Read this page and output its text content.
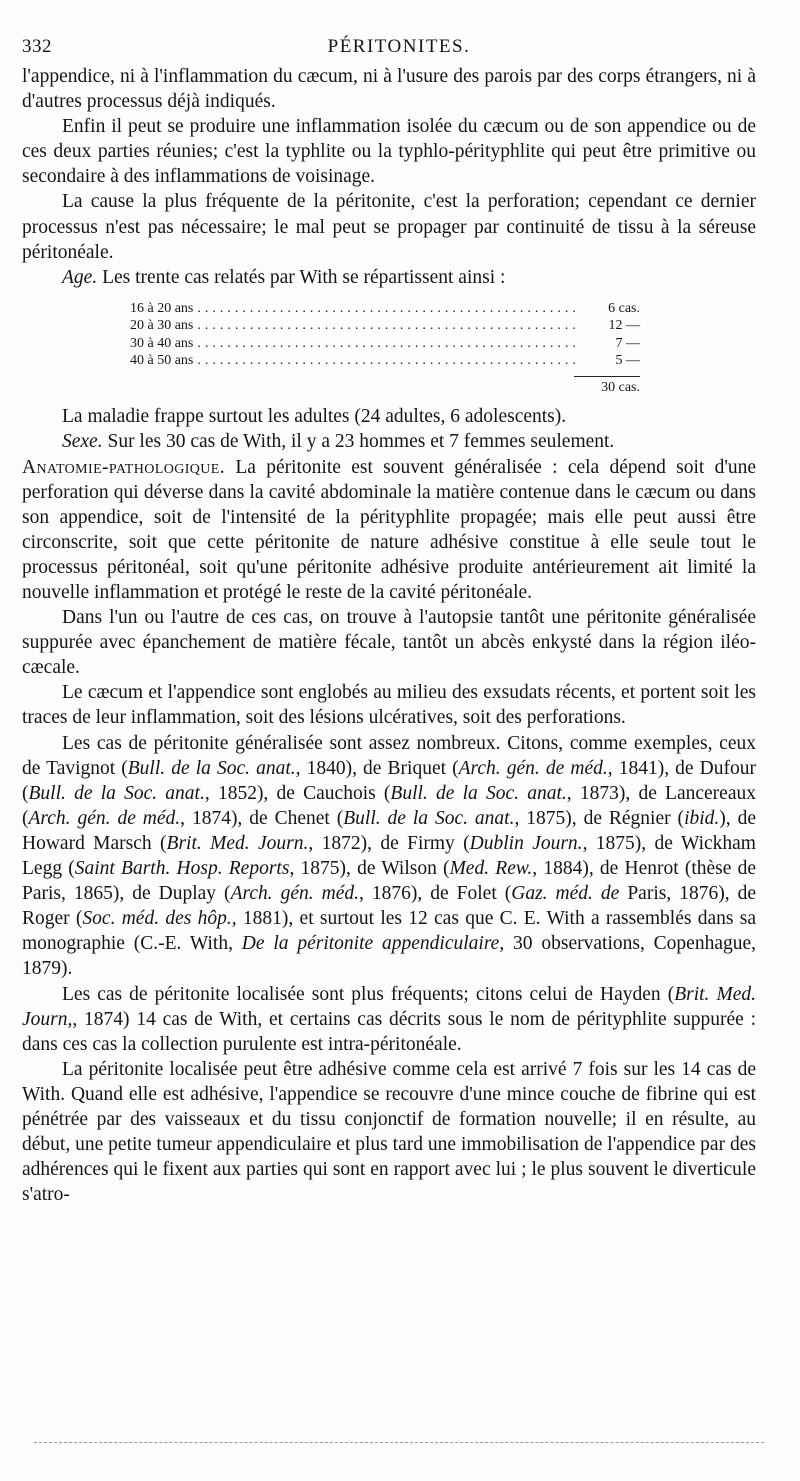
332	PÉRITONITES.

l'appendice, ni à l'inflammation du cæcum, ni à l'usure des parois par des corps étrangers, ni à d'autres processus déjà indiqués.

Enfin il peut se produire une inflammation isolée du cæcum ou de son appendice ou de ces deux parties réunies; c'est la typhlite ou la typhlo-pérityphlite qui peut être primitive ou secondaire à des inflammations de voisinage.

La cause la plus fréquente de la péritonite, c'est la perforation; cependant ce dernier processus n'est pas nécessaire; le mal peut se propager par continuité de tissu à la séreuse péritonéale.

Age. Les trente cas relatés par With se répartissent ainsi :

16 à 20 ans .....	6 cas.
20 à 30 ans .....	12 —
30 à 40 ans .....	7 —
40 à 50 ans .....	5 —
30 cas.

La maladie frappe surtout les adultes (24 adultes, 6 adolescents).

Sexe. Sur les 30 cas de With, il y a 23 hommes et 7 femmes seulement.

Anatomie-pathologique. La péritonite est souvent généralisée : cela dépend soit d'une perforation qui déverse dans la cavité abdominale la matière contenue dans le cæcum ou dans son appendice, soit de l'intensité de la pérityphlite propagée; mais elle peut aussi être circonscrite, soit que cette péritonite de nature adhésive constitue à elle seule tout le processus péritonéal, soit qu'une péritonite adhésive produite antérieurement ait limité la nouvelle inflammation et protégé le reste de la cavité péritonéale.

Dans l'un ou l'autre de ces cas, on trouve à l'autopsie tantôt une péritonite généralisée suppurée avec épanchement de matière fécale, tantôt un abcès enkysté dans la région iléo-cæcale.

Le cæcum et l'appendice sont englobés au milieu des exsudats récents, et portent soit les traces de leur inflammation, soit des lésions ulcératives, soit des perforations.

Les cas de péritonite généralisée sont assez nombreux. Citons, comme exemples, ceux de Tavignot (Bull. de la Soc. anat., 1840), de Briquet (Arch. gén. de méd., 1841), de Dufour (Bull. de la Soc. anat., 1852), de Cauchois (Bull. de la Soc. anat., 1873), de Lancereaux (Arch. gén. de méd., 1874), de Chenet (Bull. de la Soc. anat., 1875), de Régnier (ibid.), de Howard Marsch (Brit. Med. Journ., 1872), de Firmy (Dublin Journ., 1875), de Wickham Legg (Saint Barth. Hosp. Reports, 1875), de Wilson (Med. Rew., 1884), de Henrot (thèse de Paris, 1865), de Duplay (Arch. gén. méd., 1876), de Folet (Gaz. méd. de Paris, 1876), de Roger (Soc. méd. des hôp., 1881), et surtout les 12 cas que C. E. With a rassemblés dans sa monographie (C.-E. With, De la péritonite appendiculaire, 30 observations, Copenhague, 1879).

Les cas de péritonite localisée sont plus fréquents; citons celui de Hayden (Brit. Med. Journ,, 1874) 14 cas de With, et certains cas décrits sous le nom de pérityphlite suppurée : dans ces cas la collection purulente est intra-péritonéale.

La péritonite localisée peut être adhésive comme cela est arrivé 7 fois sur les 14 cas de With. Quand elle est adhésive, l'appendice se recouvre d'une mince couche de fibrine qui est pénétrée par des vaisseaux et du tissu conjonctif de formation nouvelle; il en résulte, au début, une petite tumeur appendiculaire et plus tard une immobilisation de l'appendice par des adhérences qui le fixent aux parties qui sont en rapport avec lui ; le plus souvent le diverticule s'atro-
